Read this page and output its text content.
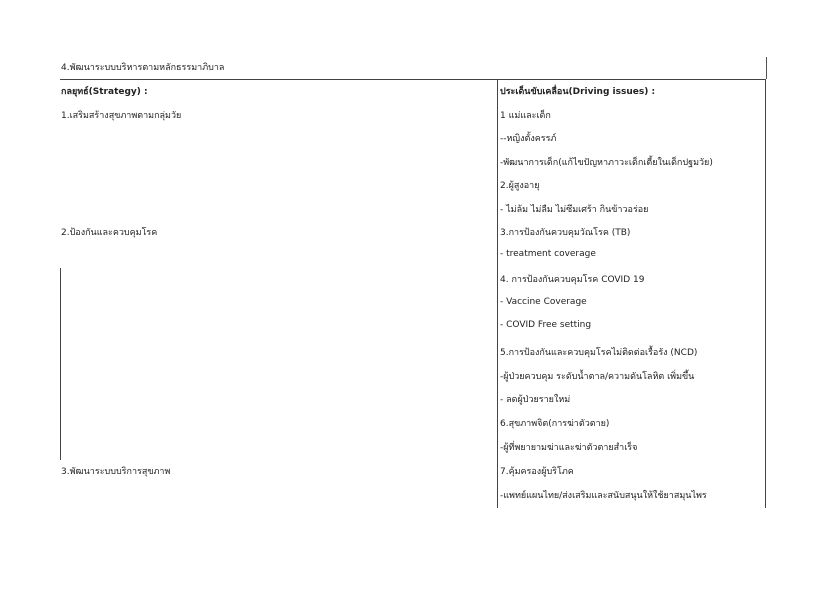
4.พัฒนาระบบบริหารตามหลักธรรมาภิบาล
กลยุทธ์(Strategy) :	ประเด็นขับเคลื่อน(Driving issues) :
1.เสริมสร้างสุขภาพตามกลุ่มวัย
2.ป้องกันและควบคุมโรค
3.พัฒนาระบบบริการสุขภาพ
1 แม่และเด็ก
--หญิงตั้งครรภ์
-พัฒนาการเด็ก(แก้ไขปัญหาภาวะเด็กเตี้ยในเด็กปฐมวัย)
2.ผู้สูงอายุ
- ไม่ล้ม ไม่ลืม ไม่ซึมเศร้า กินข้าวอร่อย
3.การป้องกันควบคุมวัณโรค (TB)
- treatment coverage
4. การป้องกันควบคุมโรค COVID 19
- Vaccine Coverage
- COVID Free setting
5.การป้องกันและควบคุมโรคไม่ติดต่อเรื้อรัง (NCD)
-ผู้ป่วยควบคุม ระดับน้ำตาล/ความดันโลหิต เพิ่มขึ้น
- ลดผู้ป่วยรายใหม่
6.สุขภาพจิต(การฆ่าตัวตาย)
-ผู้ที่พยายามฆ่าและฆ่าตัวตายสำเร็จ
7.คุ้มครองผู้บริโภค
-แพทย์แผนไทย/ส่งเสริมและสนับสนุนให้ใช้ยาสมุนไพร
